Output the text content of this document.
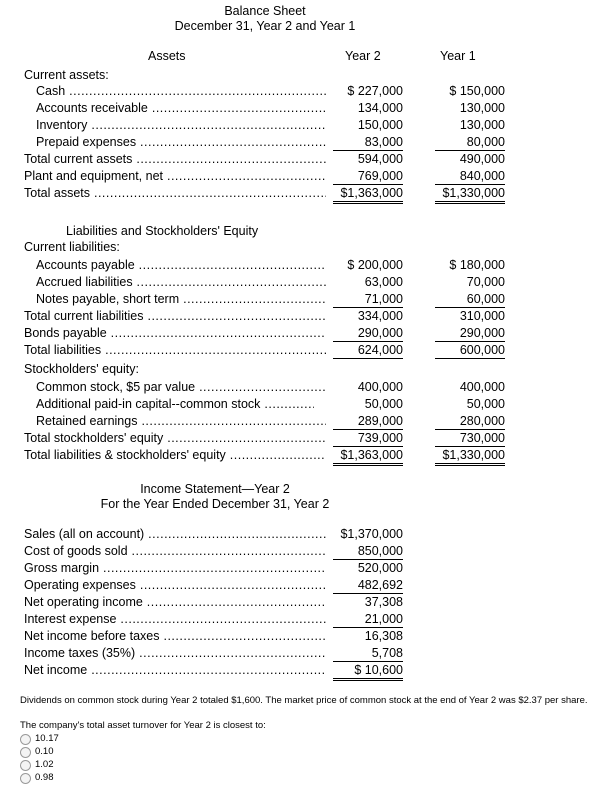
Balance Sheet
December 31, Year 2 and Year 1
Assets	Year 2	Year 1
Current assets:
Cash .....	$ 227,000	$ 150,000
Accounts receivable .....	134,000	130,000
Inventory .....	150,000	130,000
Prepaid expenses .....	83,000	80,000
Total current assets .....	594,000	490,000
Plant and equipment, net .....	769,000	840,000
Total assets .....	$1,363,000	$1,330,000
Liabilities and Stockholders' Equity
Current liabilities:
Accounts payable .....	$ 200,000	$ 180,000
Accrued liabilities .....	63,000	70,000
Notes payable, short term .....	71,000	60,000
Total current liabilities .....	334,000	310,000
Bonds payable .....	290,000	290,000
Total liabilities .....	624,000	600,000
Stockholders' equity:
Common stock, $5 par value .....	400,000	400,000
Additional paid-in capital--common stock .....	50,000	50,000
Retained earnings .....	289,000	280,000
Total stockholders' equity .....	739,000	730,000
Total liabilities & stockholders' equity .....	$1,363,000	$1,330,000
Income Statement—Year 2
For the Year Ended December 31, Year 2
Sales (all on account) .....	$1,370,000
Cost of goods sold .....	850,000
Gross margin .....	520,000
Operating expenses .....	482,692
Net operating income .....	37,308
Interest expense .....	21,000
Net income before taxes .....	16,308
Income taxes (35%) .....	5,708
Net income .....	$ 10,600
Dividends on common stock during Year 2 totaled $1,600. The market price of common stock at the end of Year 2 was $2.37 per share.
The company's total asset turnover for Year 2 is closest to:
10.17
0.10
1.02
0.98
